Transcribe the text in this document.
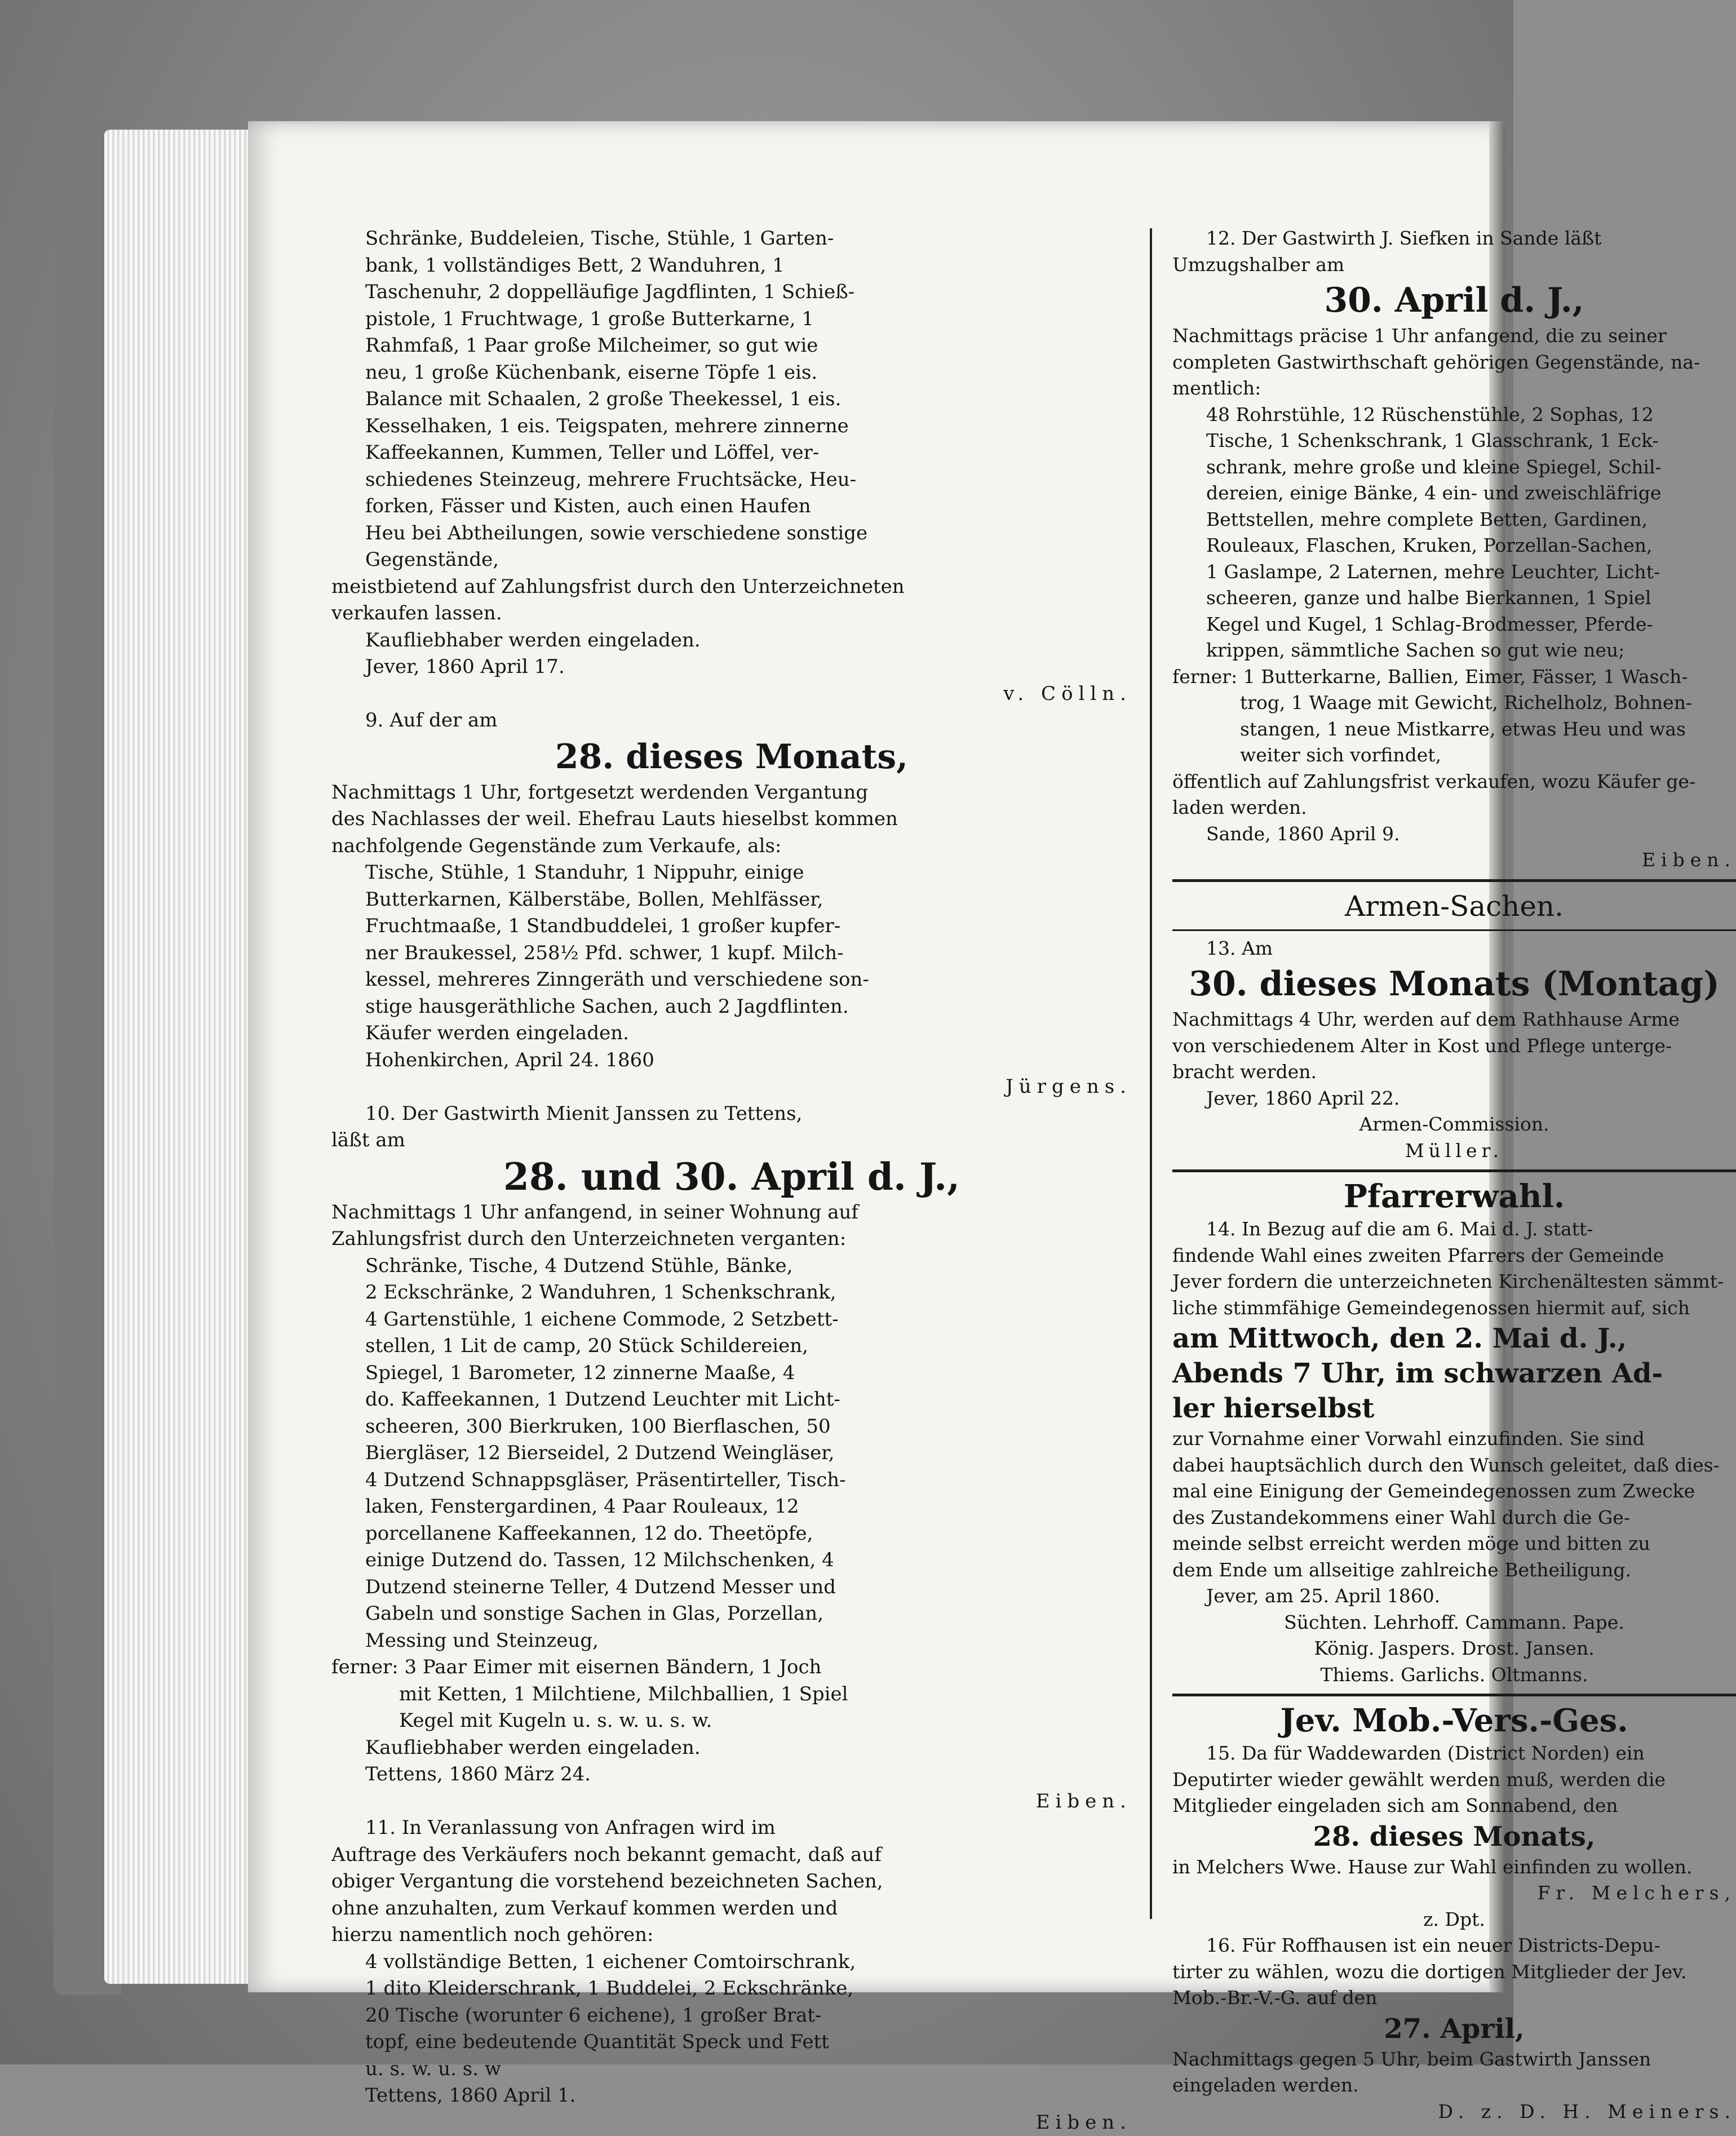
Schränke, Buddeleien, Tische, Stühle, 1 Garten-

bank, 1 vollständiges Bett, 2 Wanduhren, 1

Taschenuhr, 2 doppelläufige Jagdflinten, 1 Schieß-

pistole, 1 Fruchtwage, 1 große Butterkarne, 1

Rahmfaß, 1 Paar große Milcheimer, so gut wie

neu, 1 große Küchenbank, eiserne Töpfe 1 eis.

Balance mit Schaalen, 2 große Theekessel, 1 eis.

Kesselhaken, 1 eis. Teigspaten, mehrere zinnerne

Kaffeekannen, Kummen, Teller und Löffel, ver-

schiedenes Steinzeug, mehrere Fruchtsäcke, Heu-

forken, Fässer und Kisten, auch einen Haufen

Heu bei Abtheilungen, sowie verschiedene sonstige

Gegenstände,

meistbietend auf Zahlungsfrist durch den Unterzeichneten

verkaufen lassen.

Kaufliebhaber werden eingeladen.

Jever, 1860 April 17.

v. Cölln.

9. Auf der am

28. dieses Monats,

Nachmittags 1 Uhr, fortgesetzt werdenden Vergantung

des Nachlasses der weil. Ehefrau Lauts hieselbst kommen

nachfolgende Gegenstände zum Verkaufe, als:

Tische, Stühle, 1 Standuhr, 1 Nippuhr, einige

Butterkarnen, Kälberstäbe, Bollen, Mehlfässer,

Fruchtmaaße, 1 Standbuddelei, 1 großer kupfer-

ner Braukessel, 258½ Pfd. schwer, 1 kupf. Milch-

kessel, mehreres Zinngeräth und verschiedene son-

stige hausgeräthliche Sachen, auch 2 Jagdflinten.

Käufer werden eingeladen.

Hohenkirchen, April 24. 1860

Jürgens.

10. Der Gastwirth Mienit Janssen zu Tettens,

läßt am

28. und 30. April d. J.,

Nachmittags 1 Uhr anfangend, in seiner Wohnung auf

Zahlungsfrist durch den Unterzeichneten verganten:

Schränke, Tische, 4 Dutzend Stühle, Bänke,

2 Eckschränke, 2 Wanduhren, 1 Schenkschrank,

4 Gartenstühle, 1 eichene Commode, 2 Setzbett-

stellen, 1 Lit de camp, 20 Stück Schildereien,

Spiegel, 1 Barometer, 12 zinnerne Maaße, 4

do. Kaffeekannen, 1 Dutzend Leuchter mit Licht-

scheeren, 300 Bierkruken, 100 Bierflaschen, 50

Biergläser, 12 Bierseidel, 2 Dutzend Weingläser,

4 Dutzend Schnappsgläser, Präsentirteller, Tisch-

laken, Fenstergardinen, 4 Paar Rouleaux, 12

porcellanene Kaffeekannen, 12 do. Theetöpfe,

einige Dutzend do. Tassen, 12 Milchschenken, 4

Dutzend steinerne Teller, 4 Dutzend Messer und

Gabeln und sonstige Sachen in Glas, Porzellan,

Messing und Steinzeug,

ferner: 3 Paar Eimer mit eisernen Bändern, 1 Joch

mit Ketten, 1 Milchtiene, Milchballien, 1 Spiel

Kegel mit Kugeln u. s. w. u. s. w.

Kaufliebhaber werden eingeladen.

Tettens, 1860 März 24.

Eiben.

11. In Veranlassung von Anfragen wird im

Auftrage des Verkäufers noch bekannt gemacht, daß auf

obiger Vergantung die vorstehend bezeichneten Sachen,

ohne anzuhalten, zum Verkauf kommen werden und

hierzu namentlich noch gehören:

4 vollständige Betten, 1 eichener Comtoirschrank,

1 dito Kleiderschrank, 1 Buddelei, 2 Eckschränke,

20 Tische (worunter 6 eichene), 1 großer Brat-

topf, eine bedeutende Quantität Speck und Fett

u. s. w. u. s. w

Tettens, 1860 April 1.

Eiben.

12. Der Gastwirth J. Siefken in Sande läßt

Umzugshalber am

30. April d. J.,

Nachmittags präcise 1 Uhr anfangend, die zu seiner

completen Gastwirthschaft gehörigen Gegenstände, na-

mentlich:

48 Rohrstühle, 12 Rüschenstühle, 2 Sophas, 12

Tische, 1 Schenkschrank, 1 Glasschrank, 1 Eck-

schrank, mehre große und kleine Spiegel, Schil-

dereien, einige Bänke, 4 ein- und zweischläfrige

Bettstellen, mehre complete Betten, Gardinen,

Rouleaux, Flaschen, Kruken, Porzellan-Sachen,

1 Gaslampe, 2 Laternen, mehre Leuchter, Licht-

scheeren, ganze und halbe Bierkannen, 1 Spiel

Kegel und Kugel, 1 Schlag-Brodmesser, Pferde-

krippen, sämmtliche Sachen so gut wie neu;

ferner: 1 Butterkarne, Ballien, Eimer, Fässer, 1 Wasch-

trog, 1 Waage mit Gewicht, Richelholz, Bohnen-

stangen, 1 neue Mistkarre, etwas Heu und was

weiter sich vorfindet,

öffentlich auf Zahlungsfrist verkaufen, wozu Käufer ge-

laden werden.

Sande, 1860 April 9.

Eiben.

Armen-Sachen.

13. Am

30. dieses Monats (Montag)

Nachmittags 4 Uhr, werden auf dem Rathhause Arme

von verschiedenem Alter in Kost und Pflege unterge-

bracht werden.

Jever, 1860 April 22.

Armen-Commission.

Müller.

Pfarrerwahl.

14. In Bezug auf die am 6. Mai d. J. statt-

findende Wahl eines zweiten Pfarrers der Gemeinde

Jever fordern die unterzeichneten Kirchenältesten sämmt-

liche stimmfähige Gemeindegenossen hiermit auf, sich

am Mittwoch, den 2. Mai d. J.,

Abends 7 Uhr, im schwarzen Ad-

ler hierselbst

zur Vornahme einer Vorwahl einzufinden. Sie sind

dabei hauptsächlich durch den Wunsch geleitet, daß dies-

mal eine Einigung der Gemeindegenossen zum Zwecke

des Zustandekommens einer Wahl durch die Ge-

meinde selbst erreicht werden möge und bitten zu

dem Ende um allseitige zahlreiche Betheiligung.

Jever, am 25. April 1860.

Süchten. Lehrhoff. Cammann. Pape.

König. Jaspers. Drost. Jansen.

Thiems. Garlichs. Oltmanns.

Jev. Mob.-Vers.-Ges.

15. Da für Waddewarden (District Norden) ein

Deputirter wieder gewählt werden muß, werden die

Mitglieder eingeladen sich am Sonnabend, den

28. dieses Monats,

in Melchers Wwe. Hause zur Wahl einfinden zu wollen.

Fr. Melchers,

z. Dpt.

16. Für Roffhausen ist ein neuer Districts-Depu-

tirter zu wählen, wozu die dortigen Mitglieder der Jev.

Mob.-Br.-V.-G. auf den

27. April,

Nachmittags gegen 5 Uhr, beim Gastwirth Janssen

eingeladen werden.

D. z. D. H. Meiners.
